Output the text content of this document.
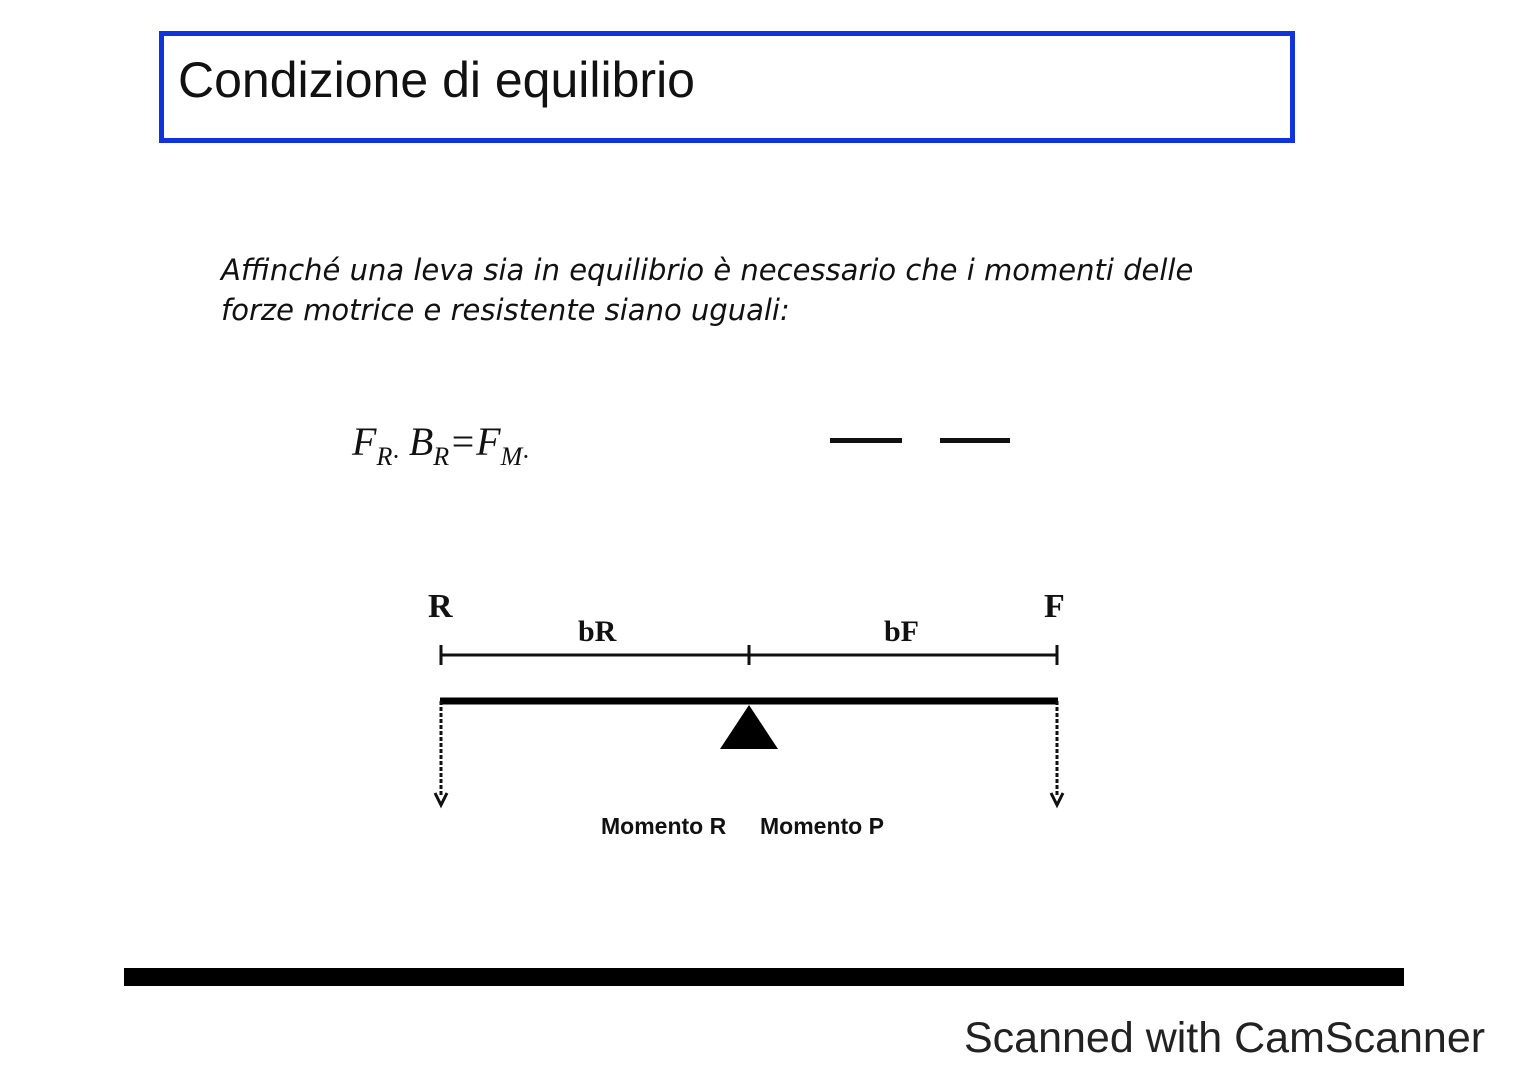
Condizione di equilibrio
Affinché una leva sia in equilibrio è necessario che i momenti delle
forze motrice e resistente siano uguali:
$F_{R\cdot}$ $B_R=F_{M\cdot}$
R	F
bR	bF
Momento R Momento P
Scanned with CamScanner
